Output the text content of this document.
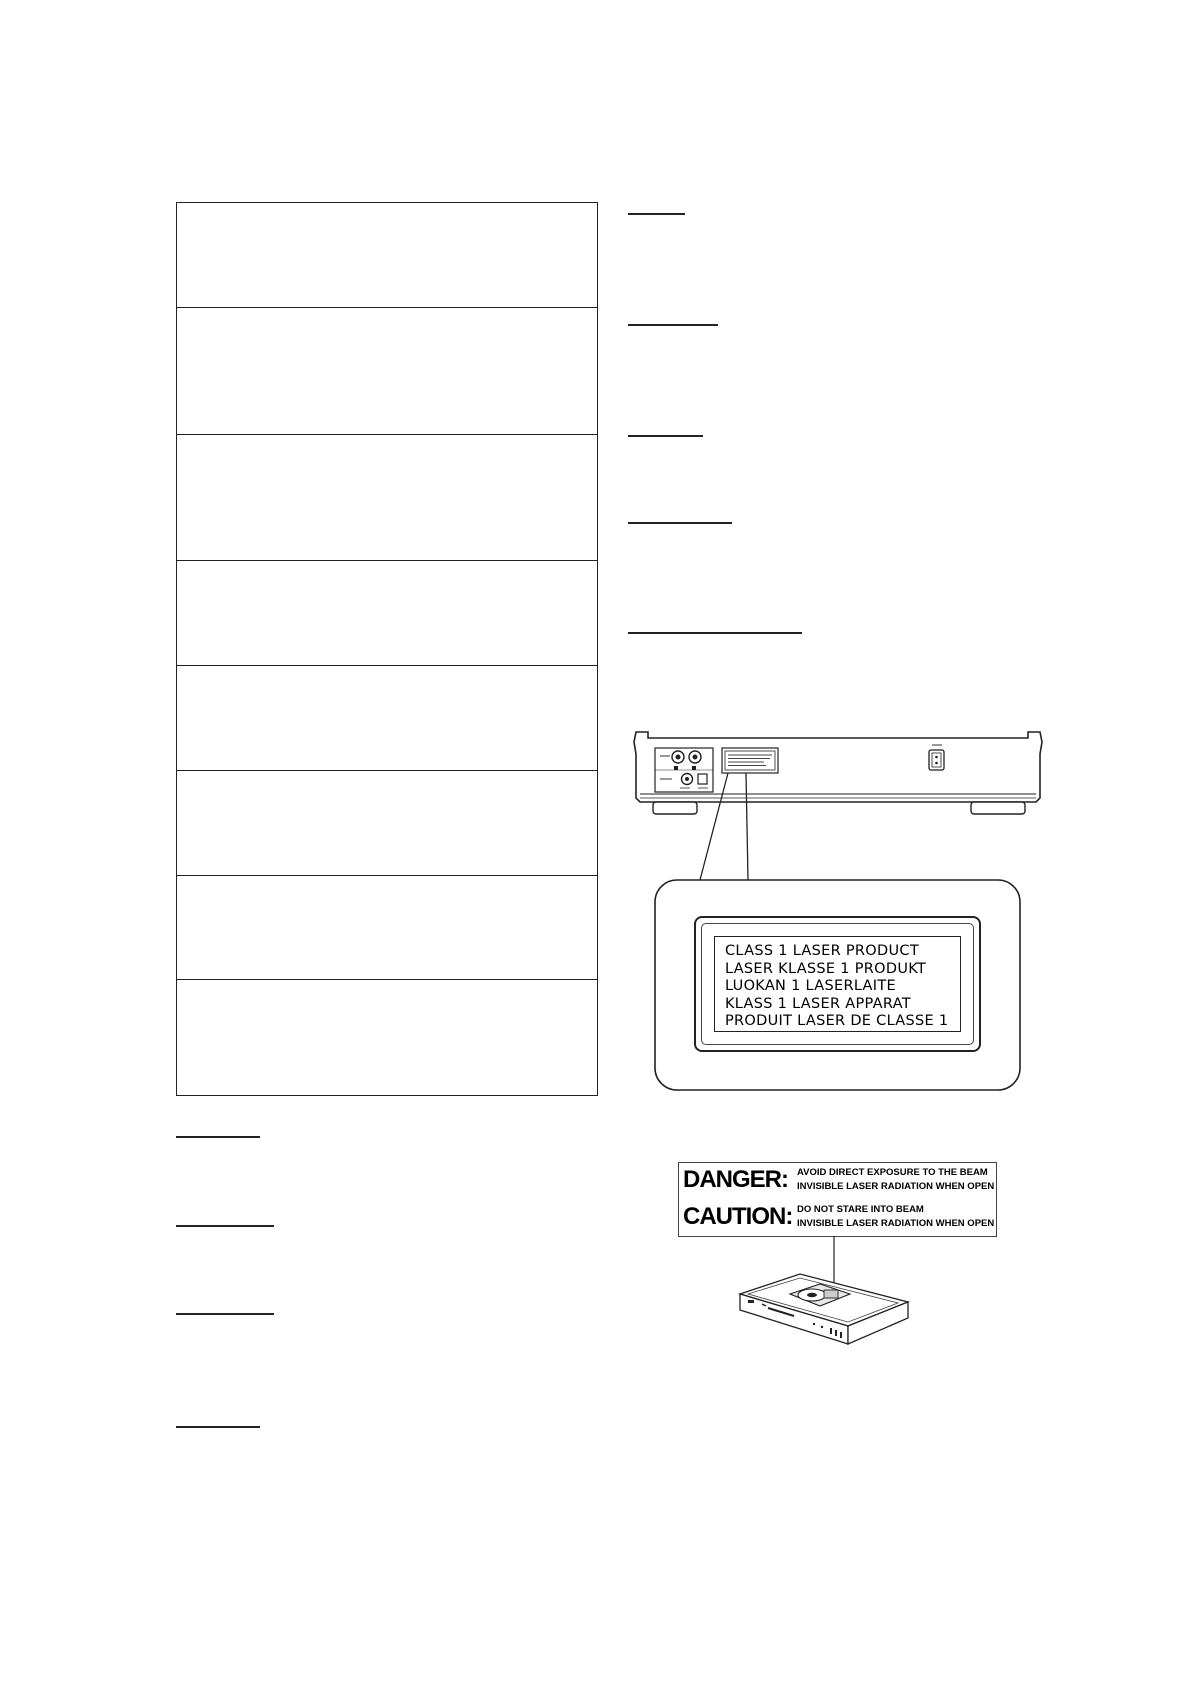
CLASS 1 LASER PRODUCT
LASER KLASSE 1 PRODUKT
LUOKAN 1 LASERLAITE
KLASS 1 LASER APPARAT
PRODUIT LASER DE CLASSE 1
DANGER: AVOID DIRECT EXPOSURE TO THE BEAM
INVISIBLE LASER RADIATION WHEN OPEN
CAUTION: DO NOT STARE INTO BEAM
INVISIBLE LASER RADIATION WHEN OPEN
